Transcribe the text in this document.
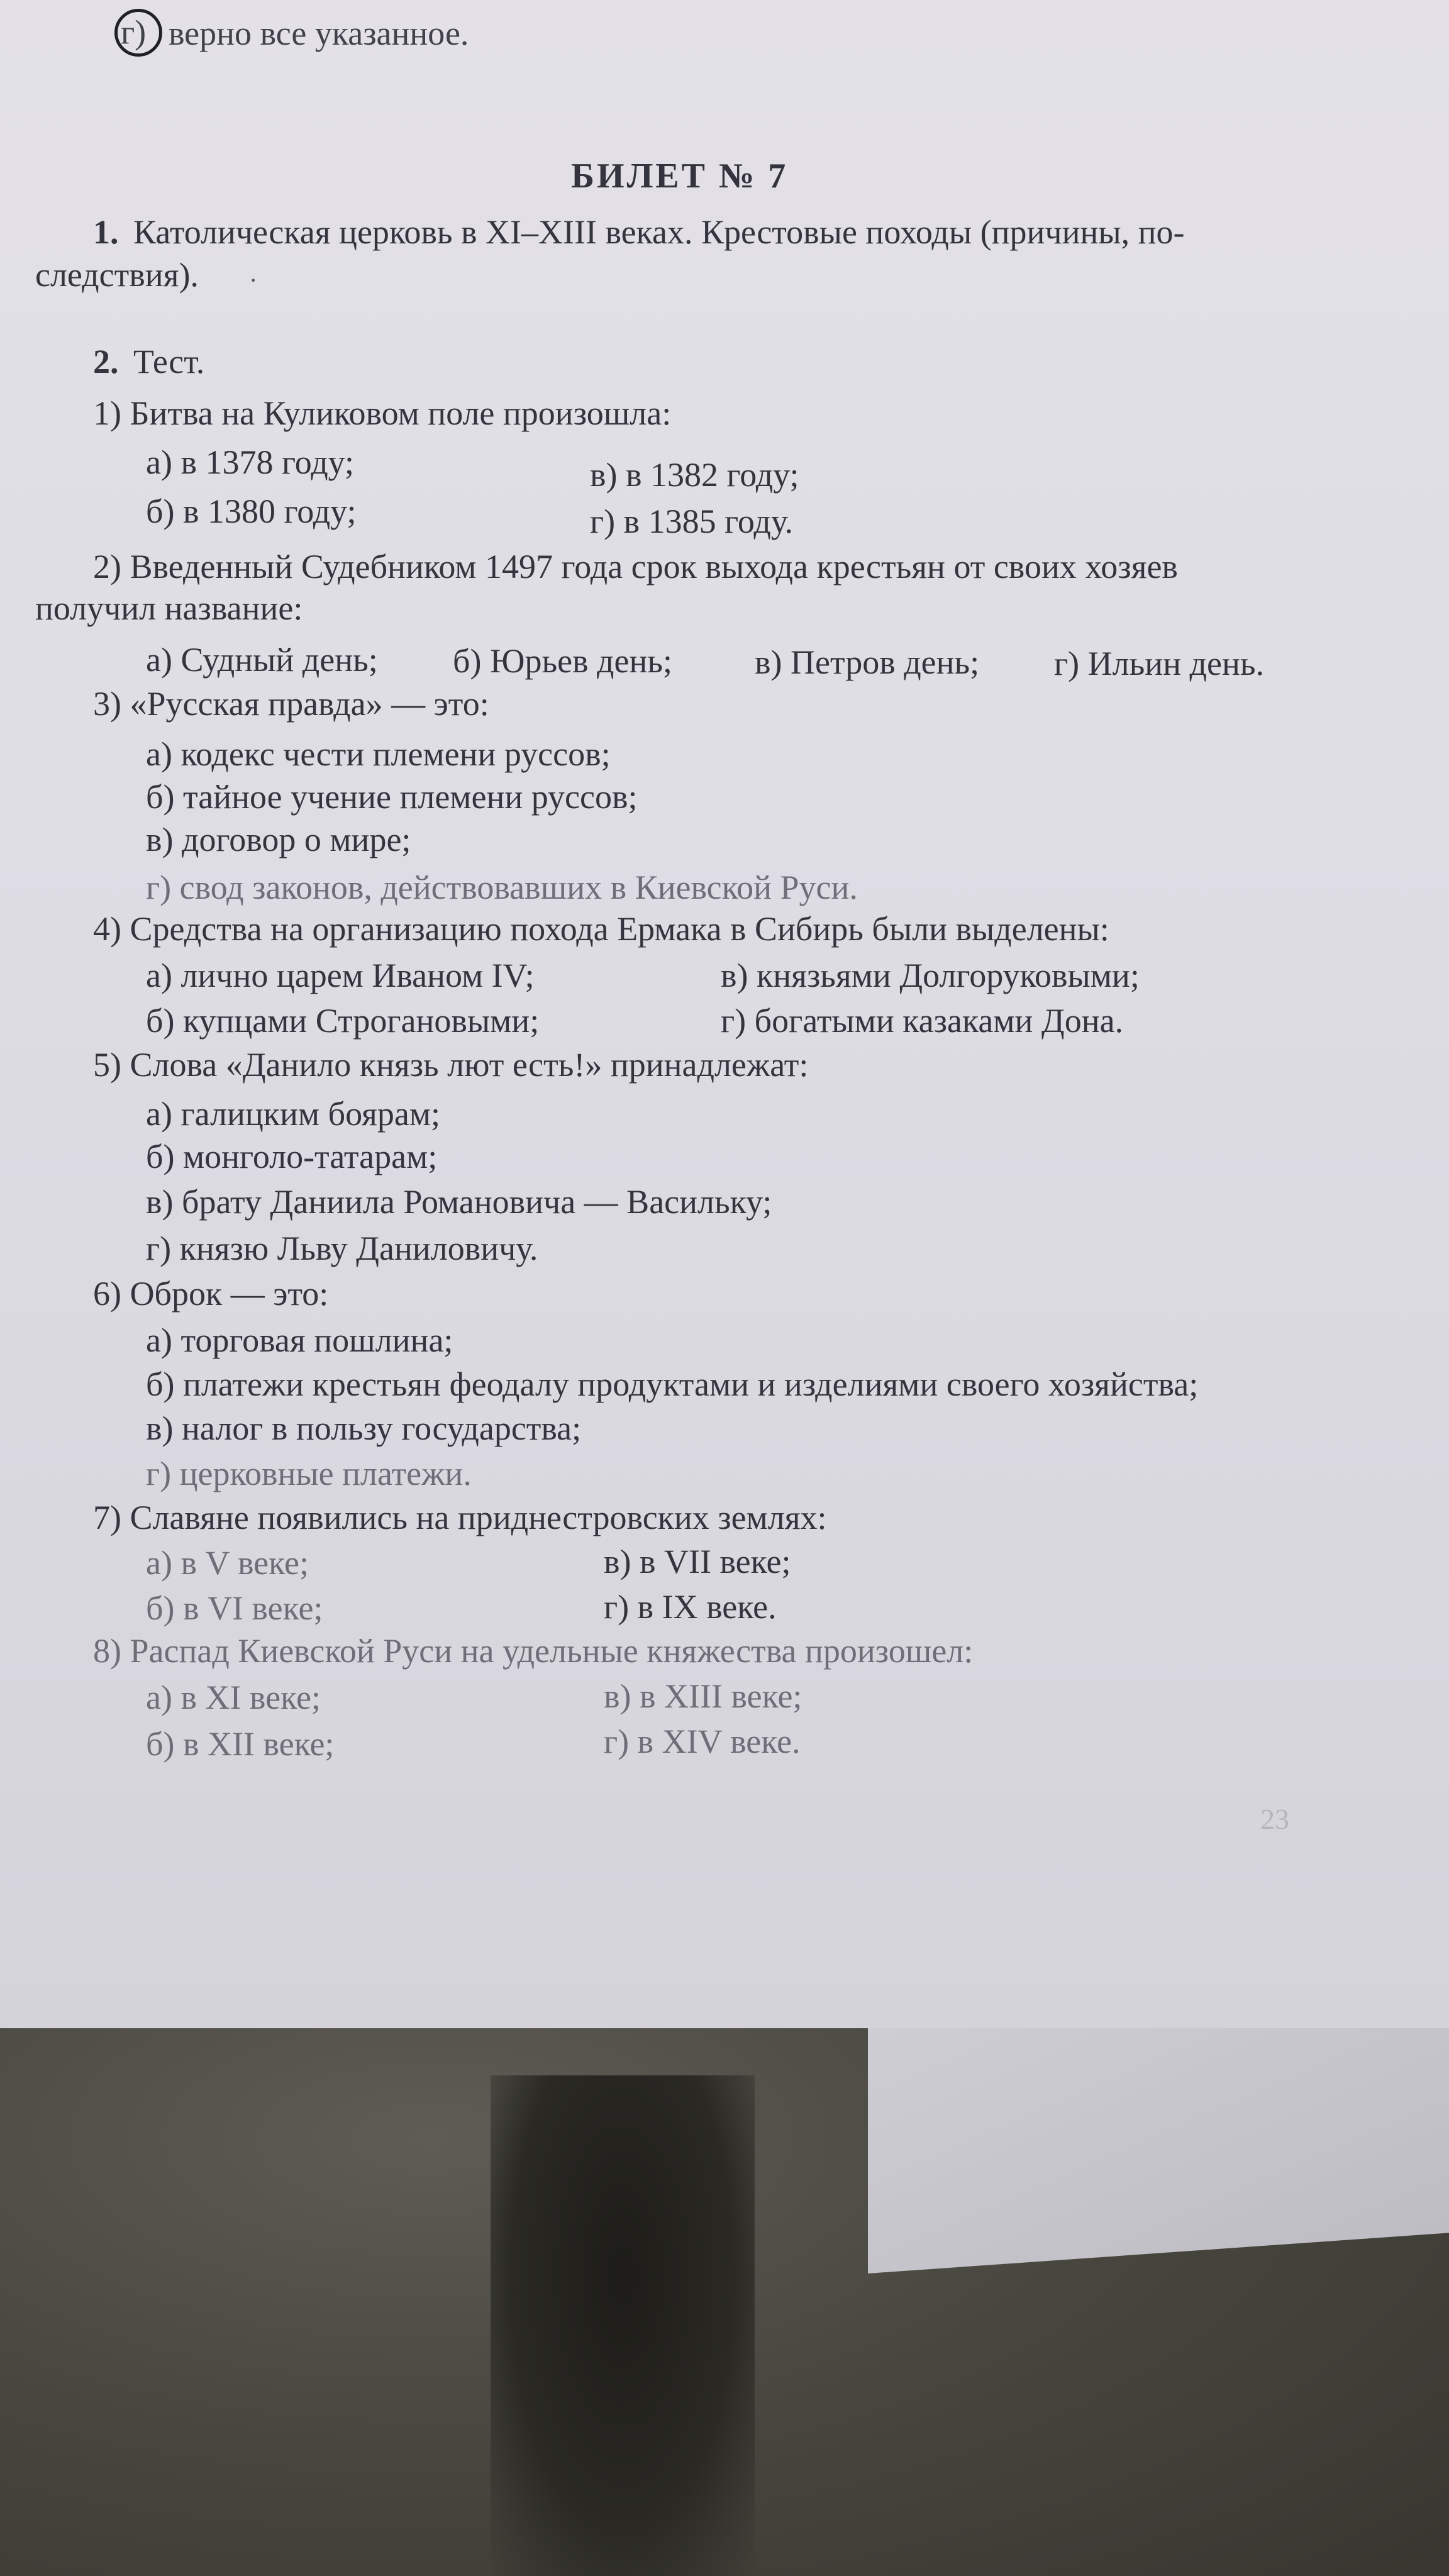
г) верно все указанное.
БИЛЕТ № 7
1. Католическая церковь в XI–XIII веках. Крестовые походы (причины, по-
следствия). ·
2. Тест.
1) Битва на Куликовом поле произошла:
а) в 1378 году;
б) в 1380 году;
в) в 1382 году;
г) в 1385 году.
2) Введенный Судебником 1497 года срок выхода крестьян от своих хозяев
получил название:
а) Судный день; б) Юрьев день; в) Петров день; г) Ильин день.
3) «Русская правда» — это:
а) кодекс чести племени руссов;
б) тайное учение племени руссов;
в) договор о мире;
г) свод законов, действовавших в Киевской Руси.
4) Средства на организацию похода Ермака в Сибирь были выделены:
а) лично царем Иваном IV;
б) купцами Строгановыми;
в) князьями Долгоруковыми;
г) богатыми казаками Дона.
5) Слова «Данило князь лют есть!» принадлежат:
а) галицким боярам;
б) монголо-татарам;
в) брату Даниила Романовича — Васильку;
г) князю Льву Даниловичу.
6) Оброк — это:
а) торговая пошлина;
б) платежи крестьян феодалу продуктами и изделиями своего хозяйства;
в) налог в пользу государства;
г) церковные платежи.
7) Славяне появились на приднестровских землях:
а) в V веке;
б) в VI веке;
в) в VII веке;
г) в IX веке.
8) Распад Киевской Руси на удельные княжества произошел:
а) в XI веке;
б) в XII веке;
в) в XIII веке;
г) в XIV веке.
23
